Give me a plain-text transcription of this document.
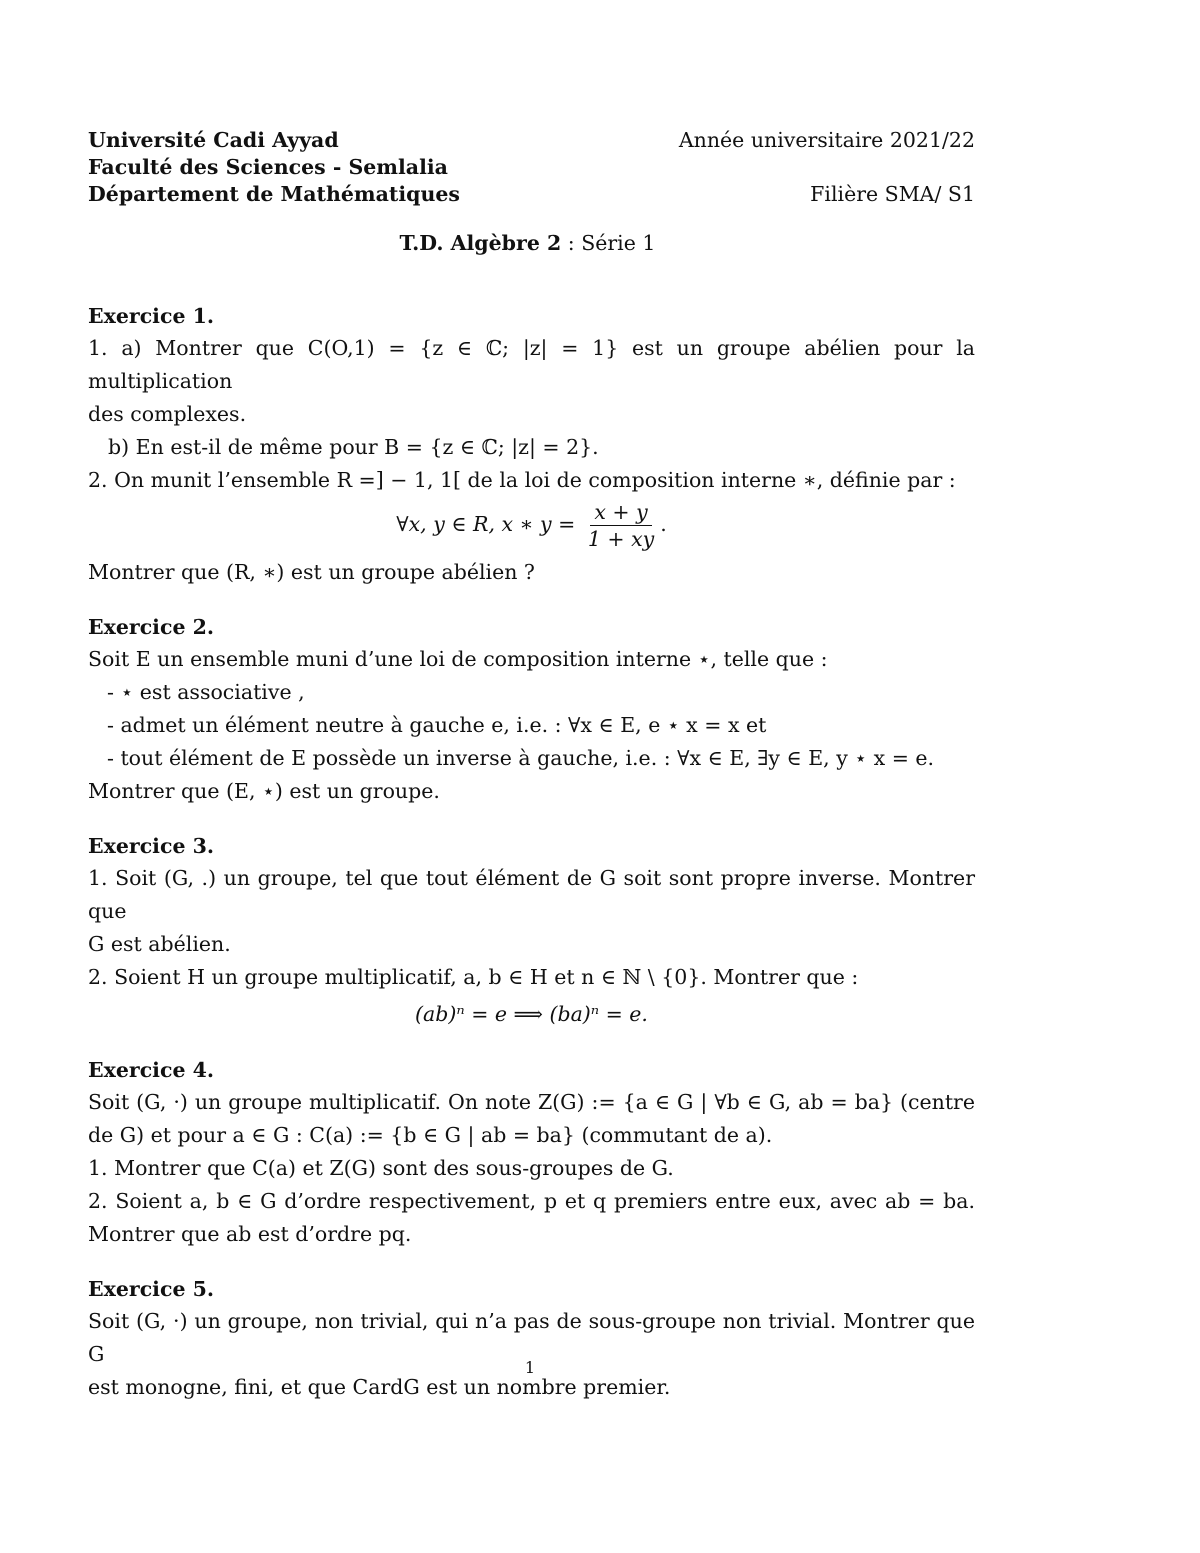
Université Cadi Ayyad	Année universitaire 2021/22
Faculté des Sciences - Semlalia
Département de Mathématiques	Filière SMA/ S1
T.D. Algèbre 2 : Série 1
Exercice 1.
1. a) Montrer que C(O,1) = {z ∈ ℂ; |z| = 1} est un groupe abélien pour la multiplication
des complexes.
b) En est-il de même pour B = {z ∈ ℂ; |z| = 2}.
2. On munit l’ensemble R =] − 1, 1[ de la loi de composition interne ∗, définie par :
∀x, y ∈ R, x ∗ $y = \frac{x + y}{1 + xy}$ .
Montrer que (R, ∗) est un groupe abélien ?
Exercice 2.
Soit E un ensemble muni d’une loi de composition interne ⋆, telle que :
- ⋆ est associative ,
- admet un élément neutre à gauche e, i.e. : ∀x ∈ E, e ⋆ x = x et
- tout élément de E possède un inverse à gauche, i.e. : ∀x ∈ E, ∃y ∈ E, y ⋆ x = e.
Montrer que (E, ⋆) est un groupe.
Exercice 3.
1. Soit (G, .) un groupe, tel que tout élément de G soit sont propre inverse. Montrer que
G est abélien.
2. Soient H un groupe multiplicatif, a, b ∈ H et n ∈ ℕ \ {0}. Montrer que :
(ab)ⁿ = e ⟹ (ba)ⁿ = e.
Exercice 4.
Soit (G, ·) un groupe multiplicatif. On note Z(G) := {a ∈ G | ∀b ∈ G, ab = ba} (centre
de G) et pour a ∈ G : C(a) := {b ∈ G | ab = ba} (commutant de a).
1. Montrer que C(a) et Z(G) sont des sous-groupes de G.
2. Soient a, b ∈ G d’ordre respectivement, p et q premiers entre eux, avec ab = ba.
Montrer que ab est d’ordre pq.
Exercice 5.
Soit (G, ·) un groupe, non trivial, qui n’a pas de sous-groupe non trivial. Montrer que G
est monogne, fini, et que CardG est un nombre premier.
1
